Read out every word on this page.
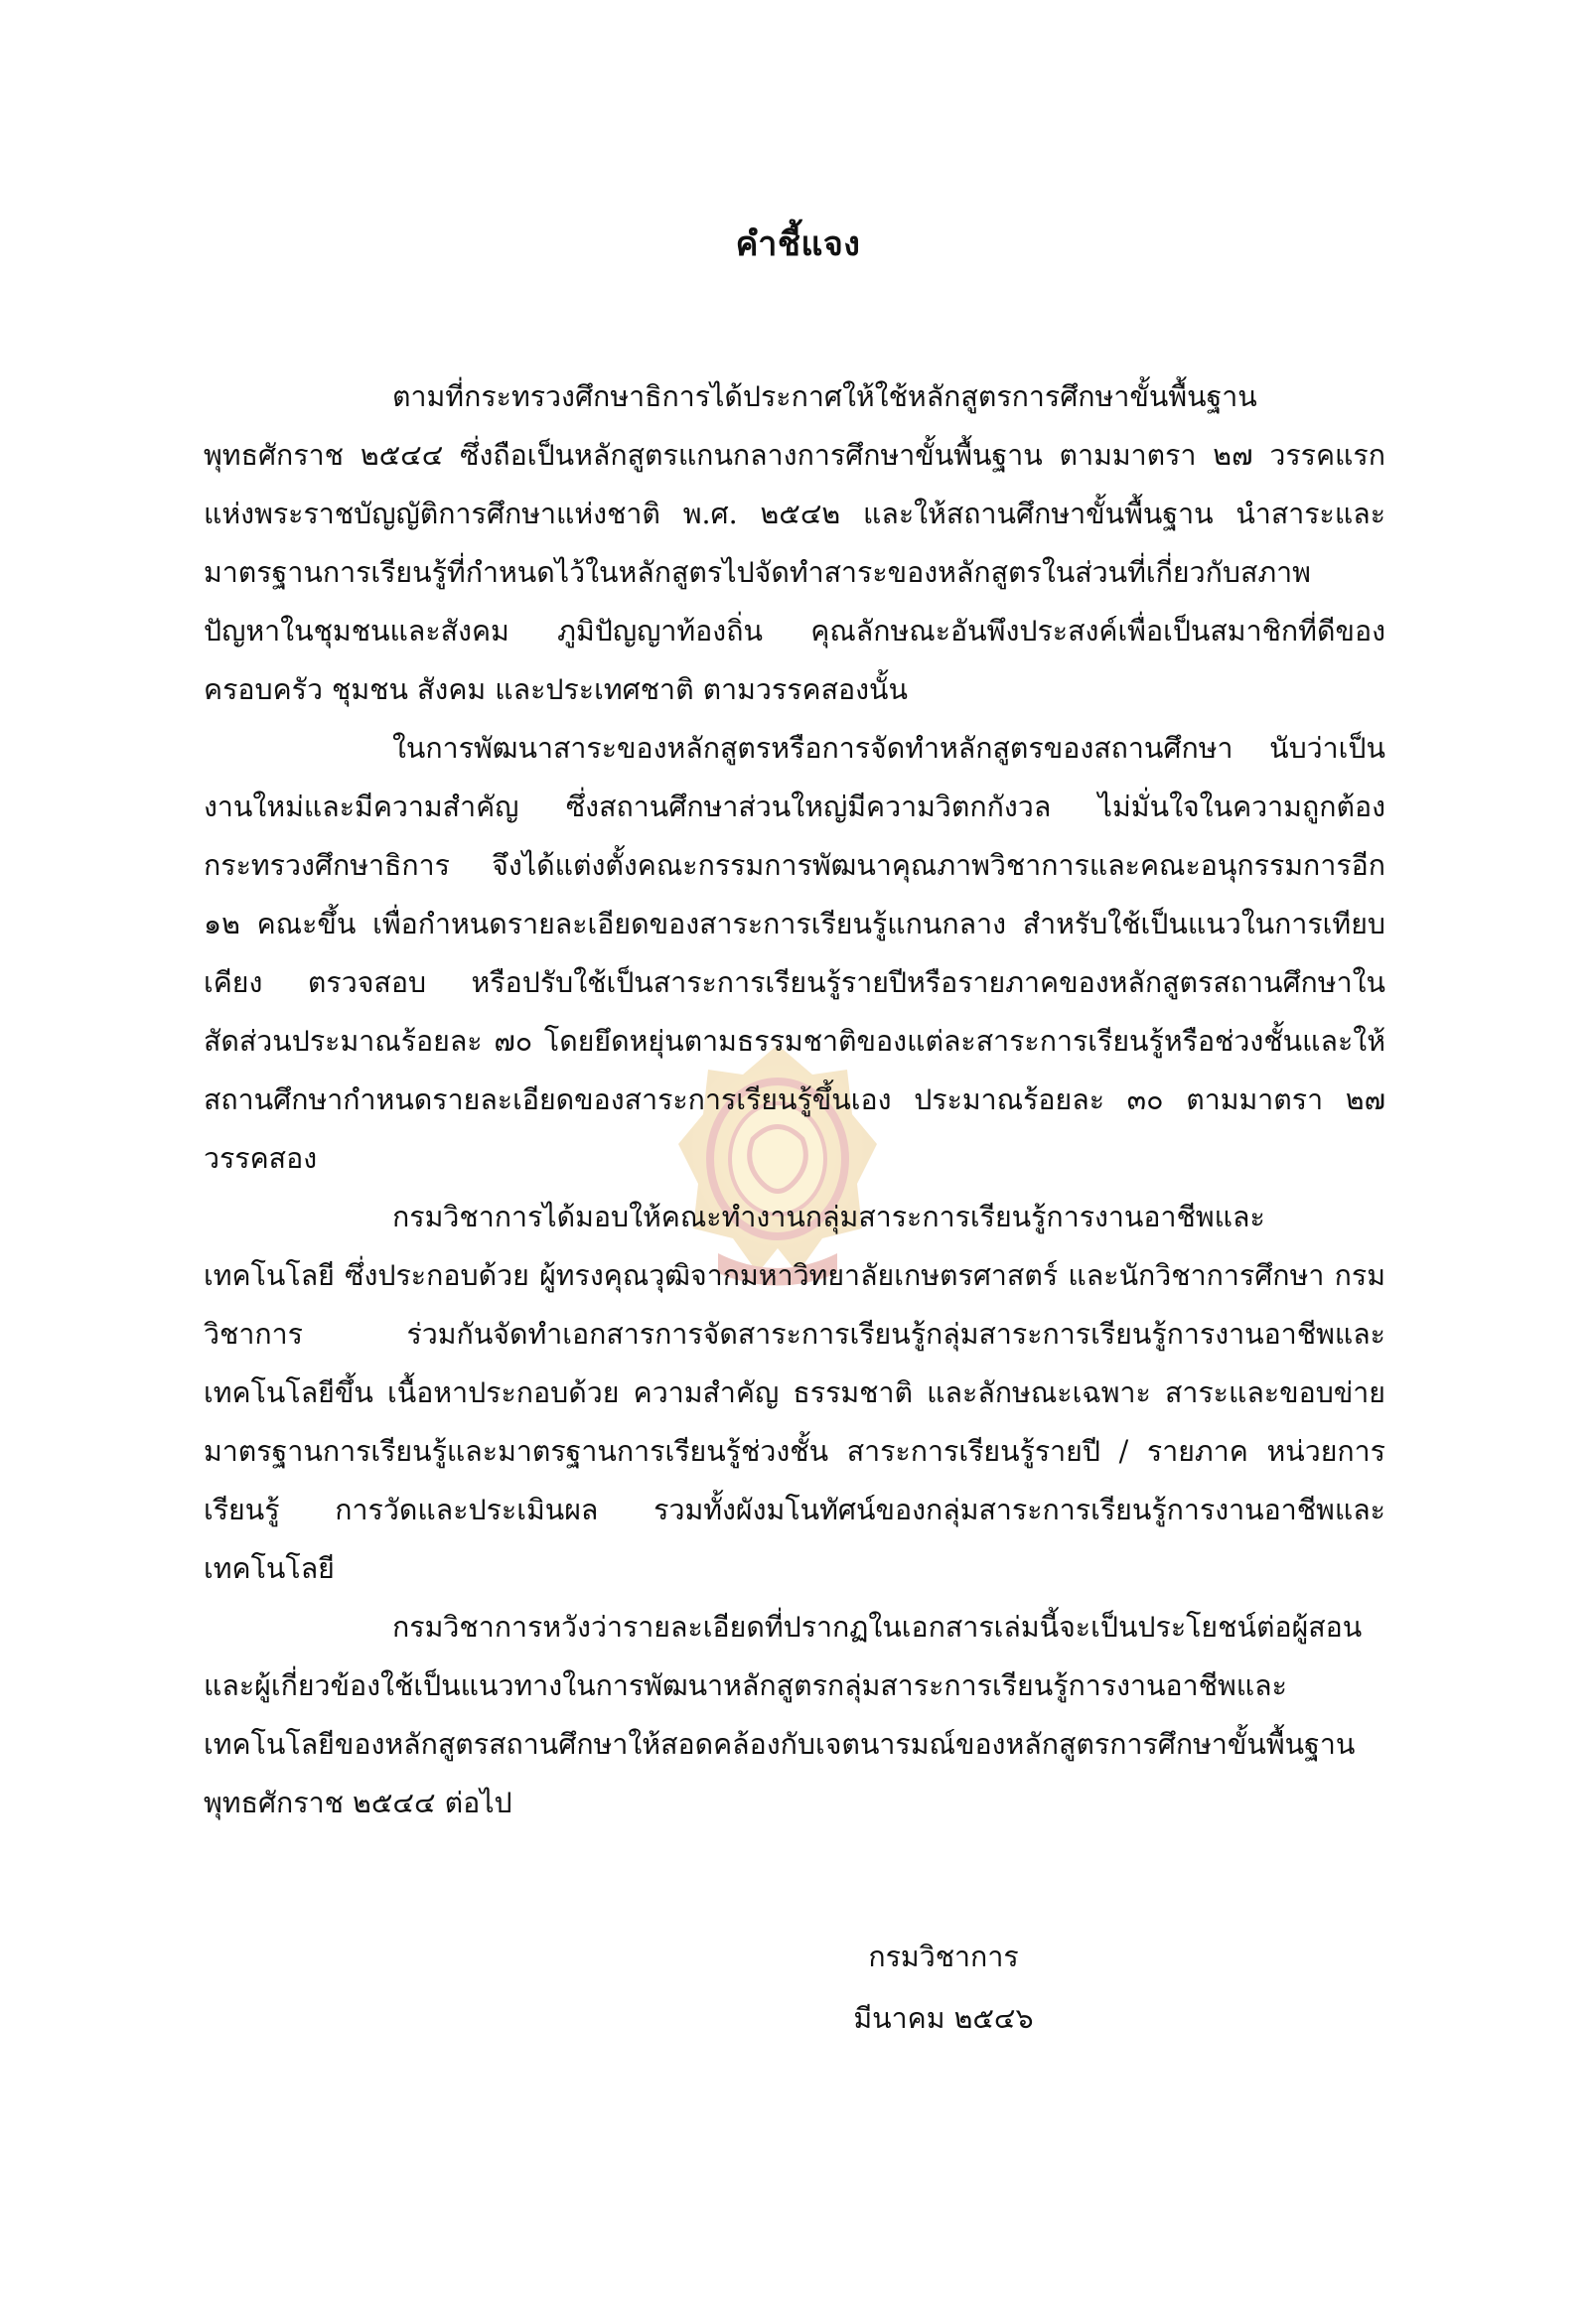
คำชี้แจง

ตามที่กระทรวงศึกษาธิการได้ประกาศให้ใช้หลักสูตรการศึกษาขั้นพื้นฐาน พุทธศักราช ๒๕๔๔ ซึ่งถือเป็นหลักสูตรแกนกลางการศึกษาขั้นพื้นฐาน ตามมาตรา ๒๗ วรรคแรก แห่งพระราชบัญญัติการศึกษาแห่งชาติ พ.ศ. ๒๕๔๒ และให้สถานศึกษาขั้นพื้นฐาน นำสาระและมาตรฐานการเรียนรู้ที่กำหนดไว้ในหลักสูตรไปจัดทำสาระของหลักสูตรในส่วนที่เกี่ยวกับสภาพปัญหาในชุมชนและสังคม ภูมิปัญญาท้องถิ่น คุณลักษณะอันพึงประสงค์เพื่อเป็นสมาชิกที่ดีของครอบครัว ชุมชน สังคม และประเทศชาติ ตามวรรคสองนั้น

ในการพัฒนาสาระของหลักสูตรหรือการจัดทำหลักสูตรของสถานศึกษา นับว่าเป็นงานใหม่และมีความสำคัญ ซึ่งสถานศึกษาส่วนใหญ่มีความวิตกกังวล ไม่มั่นใจในความถูกต้อง กระทรวงศึกษาธิการ จึงได้แต่งตั้งคณะกรรมการพัฒนาคุณภาพวิชาการและคณะอนุกรรมการอีก ๑๒ คณะขึ้น เพื่อกำหนดรายละเอียดของสาระการเรียนรู้แกนกลาง สำหรับใช้เป็นแนวในการเทียบเคียง ตรวจสอบ หรือปรับใช้เป็นสาระการเรียนรู้รายปีหรือรายภาคของหลักสูตรสถานศึกษาในสัดส่วนประมาณร้อยละ ๗๐ โดยยึดหยุ่นตามธรรมชาติของแต่ละสาระการเรียนรู้หรือช่วงชั้นและให้สถานศึกษากำหนดรายละเอียดของสาระการเรียนรู้ขึ้นเอง ประมาณร้อยละ ๓๐ ตามมาตรา ๒๗ วรรคสอง

กรมวิชาการได้มอบให้คณะทำงานกลุ่มสาระการเรียนรู้การงานอาชีพและเทคโนโลยี ซึ่งประกอบด้วย ผู้ทรงคุณวุฒิจากมหาวิทยาลัยเกษตรศาสตร์ และนักวิชาการศึกษา กรมวิชาการ ร่วมกันจัดทำเอกสารการจัดสาระการเรียนรู้กลุ่มสาระการเรียนรู้การงานอาชีพและเทคโนโลยีขึ้น เนื้อหาประกอบด้วย ความสำคัญ ธรรมชาติ และลักษณะเฉพาะ สาระและขอบข่าย มาตรฐานการเรียนรู้และมาตรฐานการเรียนรู้ช่วงชั้น สาระการเรียนรู้รายปี / รายภาค หน่วยการเรียนรู้ การวัดและประเมินผล รวมทั้งผังมโนทัศน์ของกลุ่มสาระการเรียนรู้การงานอาชีพและเทคโนโลยี

กรมวิชาการหวังว่ารายละเอียดที่ปรากฏในเอกสารเล่มนี้จะเป็นประโยชน์ต่อผู้สอนและผู้เกี่ยวข้องใช้เป็นแนวทางในการพัฒนาหลักสูตรกลุ่มสาระการเรียนรู้การงานอาชีพและเทคโนโลยีของหลักสูตรสถานศึกษาให้สอดคล้องกับเจตนารมณ์ของหลักสูตรการศึกษาขั้นพื้นฐาน พุทธศักราช ๒๕๔๔ ต่อไป

กรมวิชาการ
มีนาคม ๒๕๔๖
